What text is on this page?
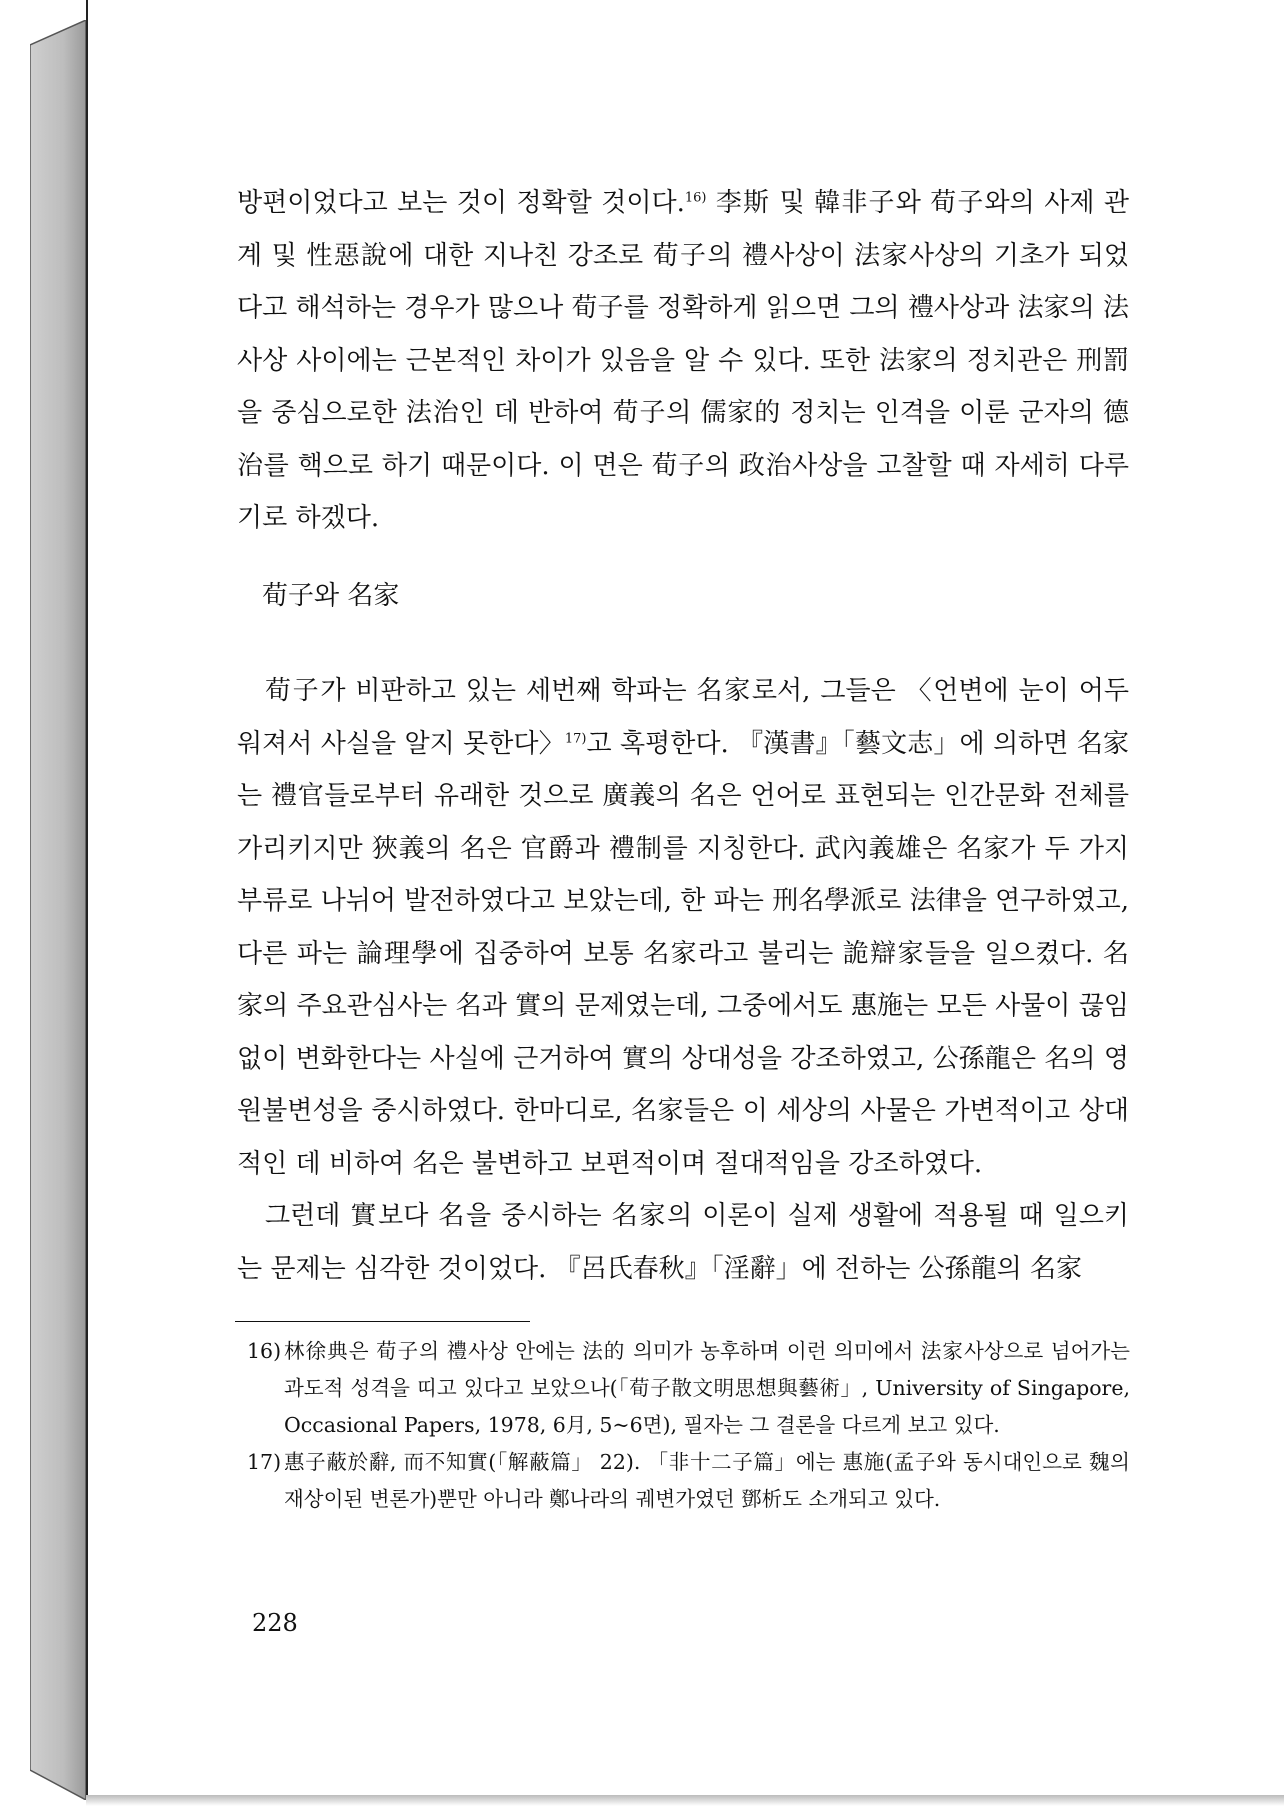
방편이었다고 보는 것이 정확할 것이다.$^{16)}$ 李斯 및 韓非子와 荀子와의 사제 관계 및 性惡說에 대한 지나친 강조로 荀子의 禮사상이 法家사상의 기초가 되었다고 해석하는 경우가 많으나 荀子를 정확하게 읽으면 그의 禮사상과 法家의 法사상 사이에는 근본적인 차이가 있음을 알 수 있다. 또한 法家의 정치관은 刑罰을 중심으로한 法治인 데 반하여 荀子의 儒家的 정치는 인격을 이룬 군자의 德治를 핵으로 하기 때문이다. 이 면은 荀子의 政治사상을 고찰할 때 자세히 다루기로 하겠다.

荀子와 名家

荀子가 비판하고 있는 세번째 학파는 名家로서, 그들은 〈언변에 눈이 어두워져서 사실을 알지 못한다〉$^{17)}$고 혹평한다. 『漢書』「藝文志」에 의하면 名家는 禮官들로부터 유래한 것으로 廣義의 名은 언어로 표현되는 인간문화 전체를 가리키지만 狹義의 名은 官爵과 禮制를 지칭한다. 武內義雄은 名家가 두 가지 부류로 나뉘어 발전하였다고 보았는데, 한 파는 刑名學派로 法律을 연구하였고, 다른 파는 論理學에 집중하여 보통 名家라고 불리는 詭辯家들을 일으켰다. 名家의 주요관심사는 名과 實의 문제였는데, 그중에서도 惠施는 모든 사물이 끊임없이 변화한다는 사실에 근거하여 實의 상대성을 강조하였고, 公孫龍은 名의 영원불변성을 중시하였다. 한마디로, 名家들은 이 세상의 사물은 가변적이고 상대적인 데 비하여 名은 불변하고 보편적이며 절대적임을 강조하였다.

그런데 實보다 名을 중시하는 名家의 이론이 실제 생활에 적용될 때 일으키는 문제는 심각한 것이었다. 『呂氏春秋』「淫辭」에 전하는 公孫龍의 名家

16) 林徐典은 荀子의 禮사상 안에는 法的 의미가 농후하며 이런 의미에서 法家사상으로 넘어가는 과도적 성격을 띠고 있다고 보았으나(「荀子散文明思想與藝術」, University of Singapore, Occasional Papers, 1978, 6月, 5~6면), 필자는 그 결론을 다르게 보고 있다.

17) 惠子蔽於辭, 而不知實(「解蔽篇」 22). 「非十二子篇」에는 惠施(孟子와 동시대인으로 魏의 재상이된 변론가)뿐만 아니라 鄭나라의 궤변가였던 鄧析도 소개되고 있다.

228
